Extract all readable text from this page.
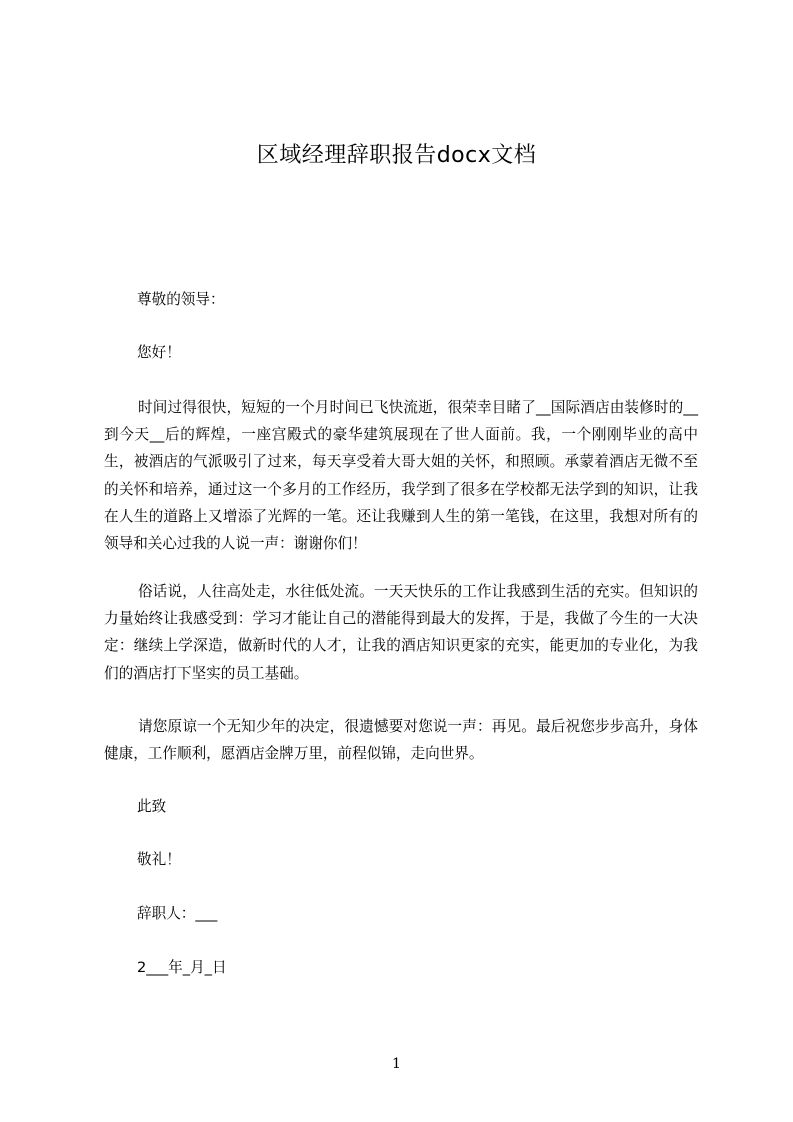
区域经理辞职报告docx文档
尊敬的领导：
您好！

时间过得很快，短短的一个月时间已飞快流逝，很荣幸目睹了__国际酒店由装修时的__到今天__后的辉煌，一座宫殿式的豪华建筑展现在了世人面前。我，一个刚刚毕业的高中生，被酒店的气派吸引了过来，每天享受着大哥大姐的关怀，和照顾。承蒙着酒店无微不至的关怀和培养，通过这一个多月的工作经历，我学到了很多在学校都无法学到的知识，让我在人生的道路上又增添了光辉的一笔。还让我赚到人生的第一笔钱，在这里，我想对所有的领导和关心过我的人说一声：谢谢你们！

俗话说，人往高处走，水往低处流。一天天快乐的工作让我感到生活的充实。但知识的力量始终让我感受到：学习才能让自己的潜能得到最大的发挥，于是，我做了今生的一大决定：继续上学深造，做新时代的人才，让我的酒店知识更家的充实，能更加的专业化，为我们的酒店打下坚实的员工基础。

请您原谅一个无知少年的决定，很遗憾要对您说一声：再见。最后祝您步步高升，身体健康，工作顺利，愿酒店金牌万里，前程似锦，走向世界。

此致
敬礼！
辞职人：___
2___年_月_日
1
